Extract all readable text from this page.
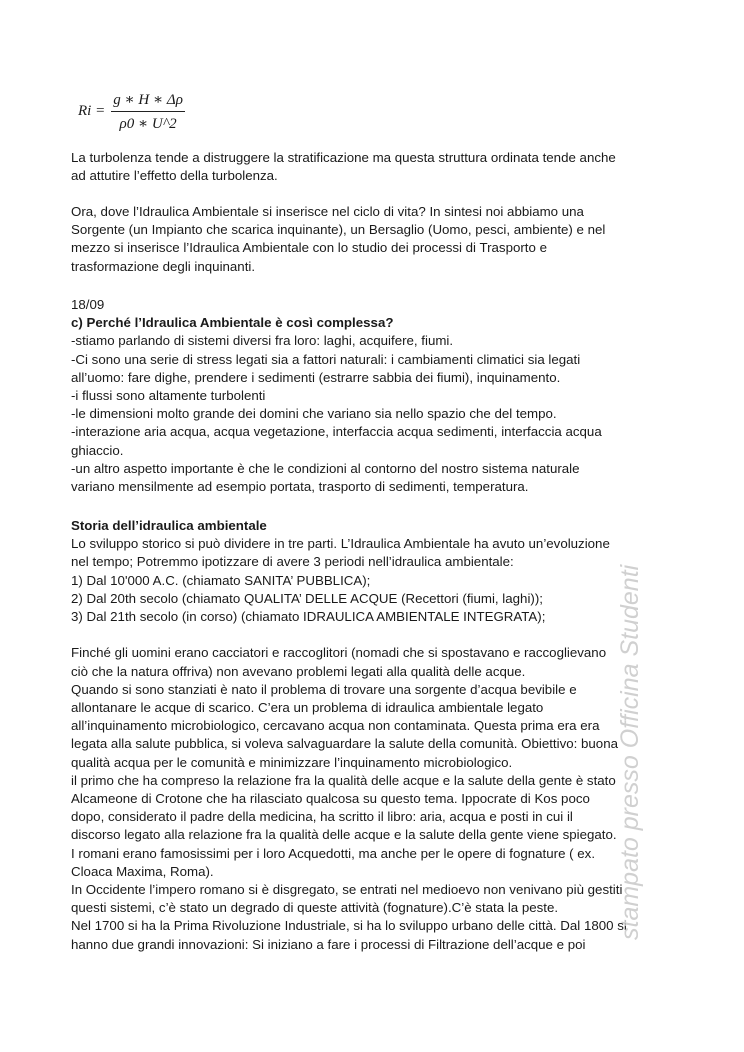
$Ri = \frac{g ∗ H ∗ \Delta\rho}{\rho 0 ∗ U\^{}2}$
La turbolenza tende a distruggere la stratificazione ma questa struttura ordinata tende anche
ad attutire l’effetto della turbolenza.
Ora, dove l’Idraulica Ambientale si inserisce nel ciclo di vita? In sintesi noi abbiamo una
Sorgente (un Impianto che scarica inquinante), un Bersaglio (Uomo, pesci, ambiente) e nel
mezzo si inserisce l’Idraulica Ambientale con lo studio dei processi di Trasporto e
trasformazione degli inquinanti.
18/09
c) Perché l’Idraulica Ambientale è così complessa?
-stiamo parlando di sistemi diversi fra loro: laghi, acquifere, fiumi.
-Ci sono una serie di stress legati sia a fattori naturali: i cambiamenti climatici sia legati
all’uomo: fare dighe, prendere i sedimenti (estrarre sabbia dei fiumi), inquinamento.
-i flussi sono altamente turbolenti
-le dimensioni molto grande dei domini che variano sia nello spazio che del tempo.
-interazione aria acqua, acqua vegetazione, interfaccia acqua sedimenti, interfaccia acqua
ghiaccio.
-un altro aspetto importante è che le condizioni al contorno del nostro sistema naturale
variano mensilmente ad esempio portata, trasporto di sedimenti, temperatura.
Storia dell’idraulica ambientale
Lo sviluppo storico si può dividere in tre parti. L’Idraulica Ambientale ha avuto un’evoluzione
nel tempo; Potremmo ipotizzare di avere 3 periodi nell’idraulica ambientale:
1) Dal 10'000 A.C. (chiamato SANITA’ PUBBLICA);
2) Dal 20th secolo (chiamato QUALITA’ DELLE ACQUE (Recettori (fiumi, laghi));
3) Dal 21th secolo (in corso) (chiamato IDRAULICA AMBIENTALE INTEGRATA);
Finché gli uomini erano cacciatori e raccoglitori (nomadi che si spostavano e raccoglievano
ciò che la natura offriva) non avevano problemi legati alla qualità delle acque.
Quando si sono stanziati è nato il problema di trovare una sorgente d’acqua bevibile e
allontanare le acque di scarico. C’era un problema di idraulica ambientale legato
all’inquinamento microbiologico, cercavano acqua non contaminata. Questa prima era era
legata alla salute pubblica, si voleva salvaguardare la salute della comunità. Obiettivo: buona
qualità acqua per le comunità e minimizzare l’inquinamento microbiologico.
il primo che ha compreso la relazione fra la qualità delle acque e la salute della gente è stato
Alcameone di Crotone che ha rilasciato qualcosa su questo tema. Ippocrate di Kos poco
dopo, considerato il padre della medicina, ha scritto il libro: aria, acqua e posti in cui il
discorso legato alla relazione fra la qualità delle acque e la salute della gente viene spiegato.
I romani erano famosissimi per i loro Acquedotti, ma anche per le opere di fognature ( ex.
Cloaca Maxima, Roma).
In Occidente l’impero romano si è disgregato, se entrati nel medioevo non venivano più gestiti
questi sistemi, c’è stato un degrado di queste attività (fognature).C’è stata la peste.
Nel 1700 si ha la Prima Rivoluzione Industriale, si ha lo sviluppo urbano delle città. Dal 1800 si
hanno due grandi innovazioni: Si iniziano a fare i processi di Filtrazione dell’acque e poi
stampato presso Officina Studenti
